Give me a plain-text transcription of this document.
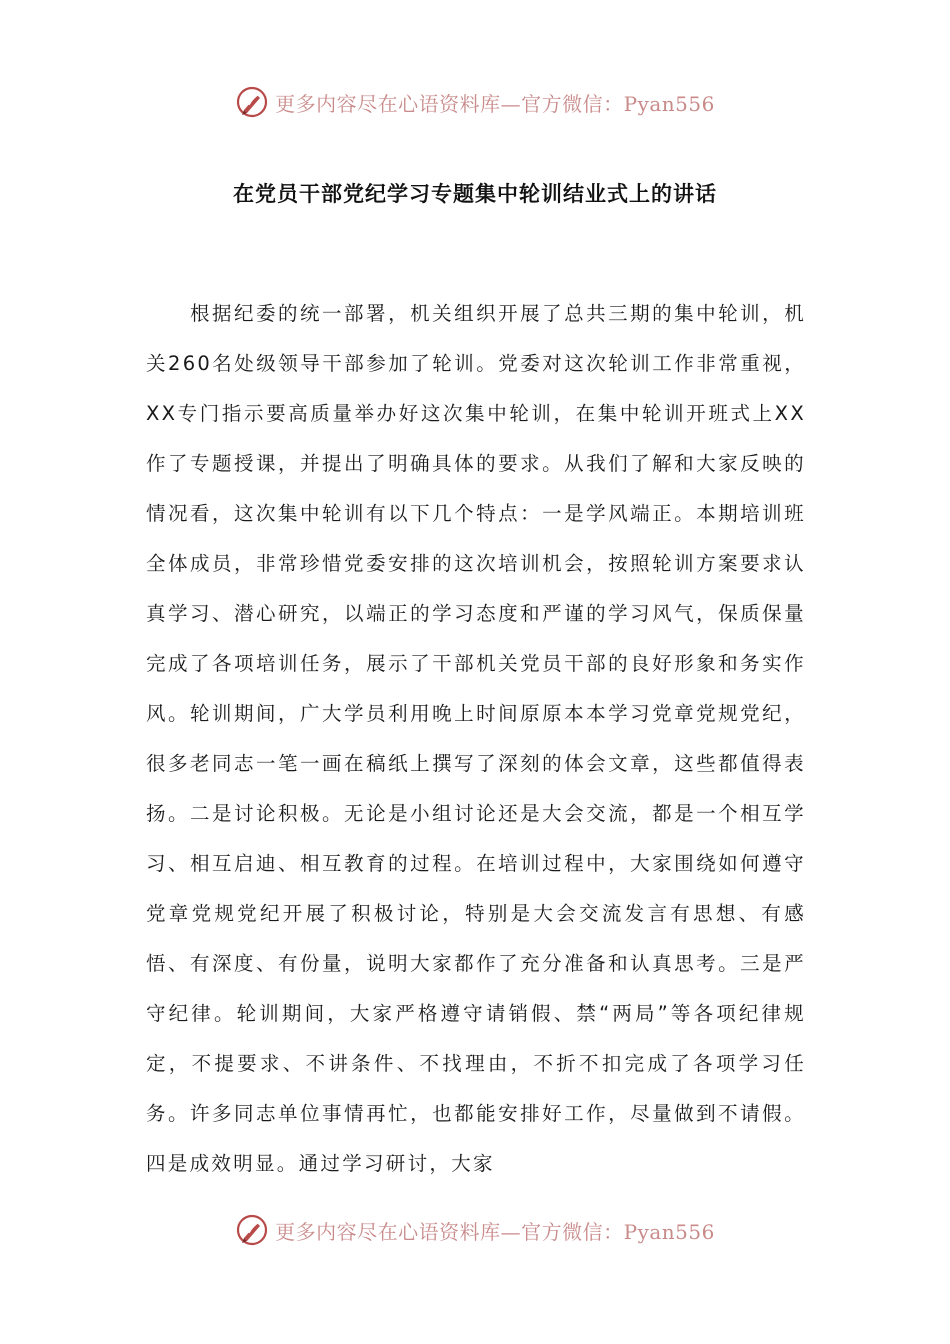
更多内容尽在心语资料库—官方微信：Pyan556
在党员干部党纪学习专题集中轮训结业式上的讲话

根据纪委的统一部署，机关组织开展了总共三期的集中轮训，机关260名处级领导干部参加了轮训。党委对这次轮训工作非常重视，XX专门指示要高质量举办好这次集中轮训，在集中轮训开班式上XX作了专题授课，并提出了明确具体的要求。从我们了解和大家反映的情况看，这次集中轮训有以下几个特点：一是学风端正。本期培训班全体成员，非常珍惜党委安排的这次培训机会，按照轮训方案要求认真学习、潜心研究，以端正的学习态度和严谨的学习风气，保质保量完成了各项培训任务，展示了干部机关党员干部的良好形象和务实作风。轮训期间，广大学员利用晚上时间原原本本学习党章党规党纪，很多老同志一笔一画在稿纸上撰写了深刻的体会文章，这些都值得表扬。二是讨论积极。无论是小组讨论还是大会交流，都是一个相互学习、相互启迪、相互教育的过程。在培训过程中，大家围绕如何遵守党章党规党纪开展了积极讨论，特别是大会交流发言有思想、有感悟、有深度、有份量，说明大家都作了充分准备和认真思考。三是严守纪律。轮训期间，大家严格遵守请销假、禁“两局”等各项纪律规定，不提要求、不讲条件、不找理由，不折不扣完成了各项学习任务。许多同志单位事情再忙，也都能安排好工作，尽量做到不请假。四是成效明显。通过学习研讨，大家

更多内容尽在心语资料库—官方微信：Pyan556
